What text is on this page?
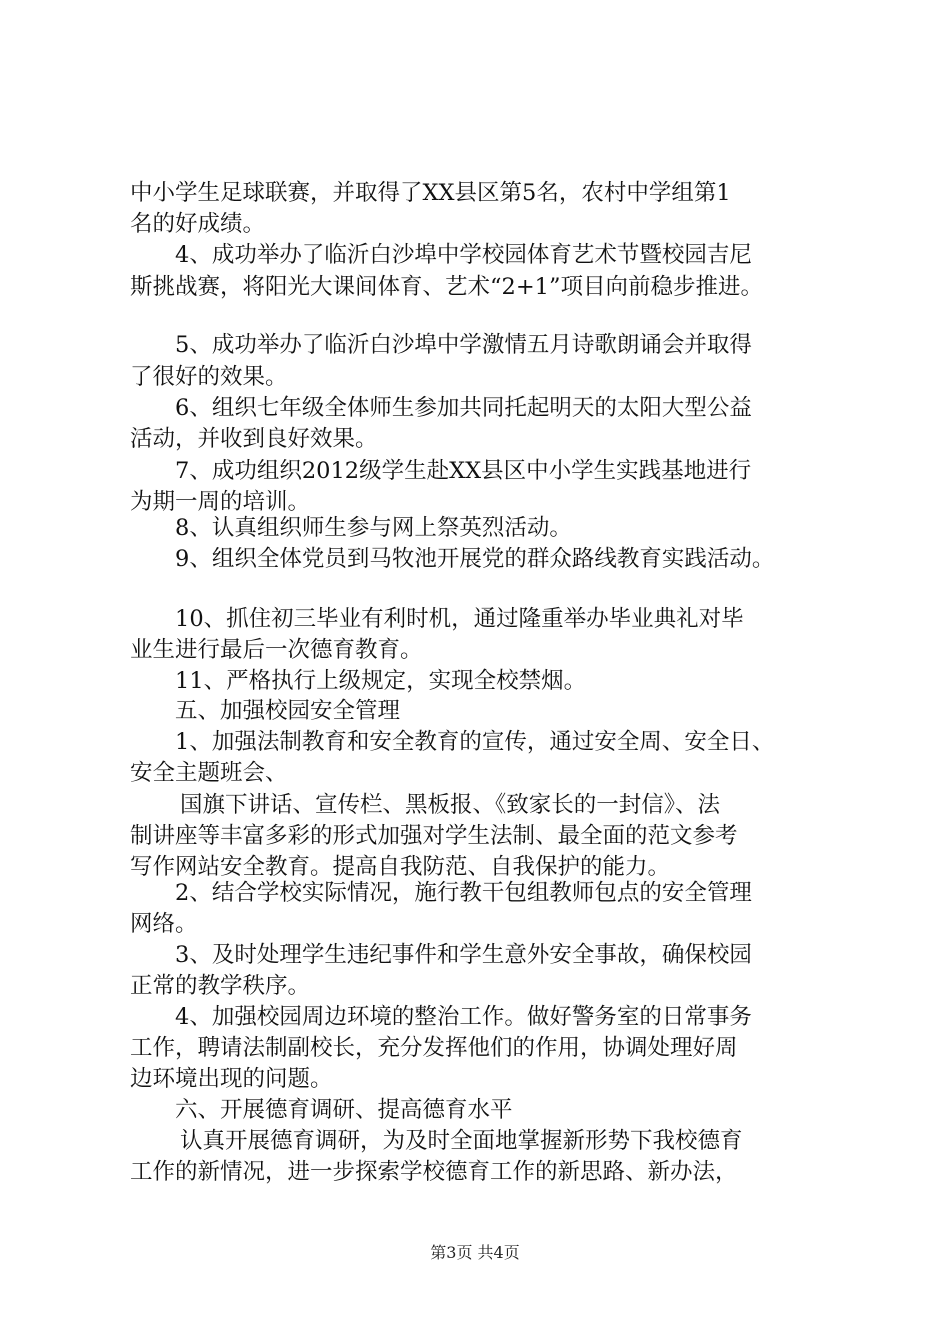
中小学生足球联赛，并取得了XX县区第5名，农村中学组第1
名的好成绩。
4、成功举办了临沂白沙埠中学校园体育艺术节暨校园吉尼
斯挑战赛，将阳光大课间体育、艺术“2+1”项目向前稳步推进。
5、成功举办了临沂白沙埠中学激情五月诗歌朗诵会并取得
了很好的效果。
6、组织七年级全体师生参加共同托起明天的太阳大型公益
活动，并收到良好效果。
7、成功组织2012级学生赴XX县区中小学生实践基地进行
为期一周的培训。
8、认真组织师生参与网上祭英烈活动。
9、组织全体党员到马牧池开展党的群众路线教育实践活动。
10、抓住初三毕业有利时机，通过隆重举办毕业典礼对毕
业生进行最后一次德育教育。
11、严格执行上级规定，实现全校禁烟。
五、加强校园安全管理
1、加强法制教育和安全教育的宣传，通过安全周、安全日、
安全主题班会、
国旗下讲话、宣传栏、黑板报、《致家长的一封信》、法
制讲座等丰富多彩的形式加强对学生法制、最全面的范文参考
写作网站安全教育。提高自我防范、自我保护的能力。
2、结合学校实际情况，施行教干包组教师包点的安全管理
网络。
3、及时处理学生违纪事件和学生意外安全事故，确保校园
正常的教学秩序。
4、加强校园周边环境的整治工作。做好警务室的日常事务
工作，聘请法制副校长，充分发挥他们的作用，协调处理好周
边环境出现的问题。
六、开展德育调研、提高德育水平
认真开展德育调研，为及时全面地掌握新形势下我校德育
工作的新情况，进一步探索学校德育工作的新思路、新办法，
第3页 共4页
